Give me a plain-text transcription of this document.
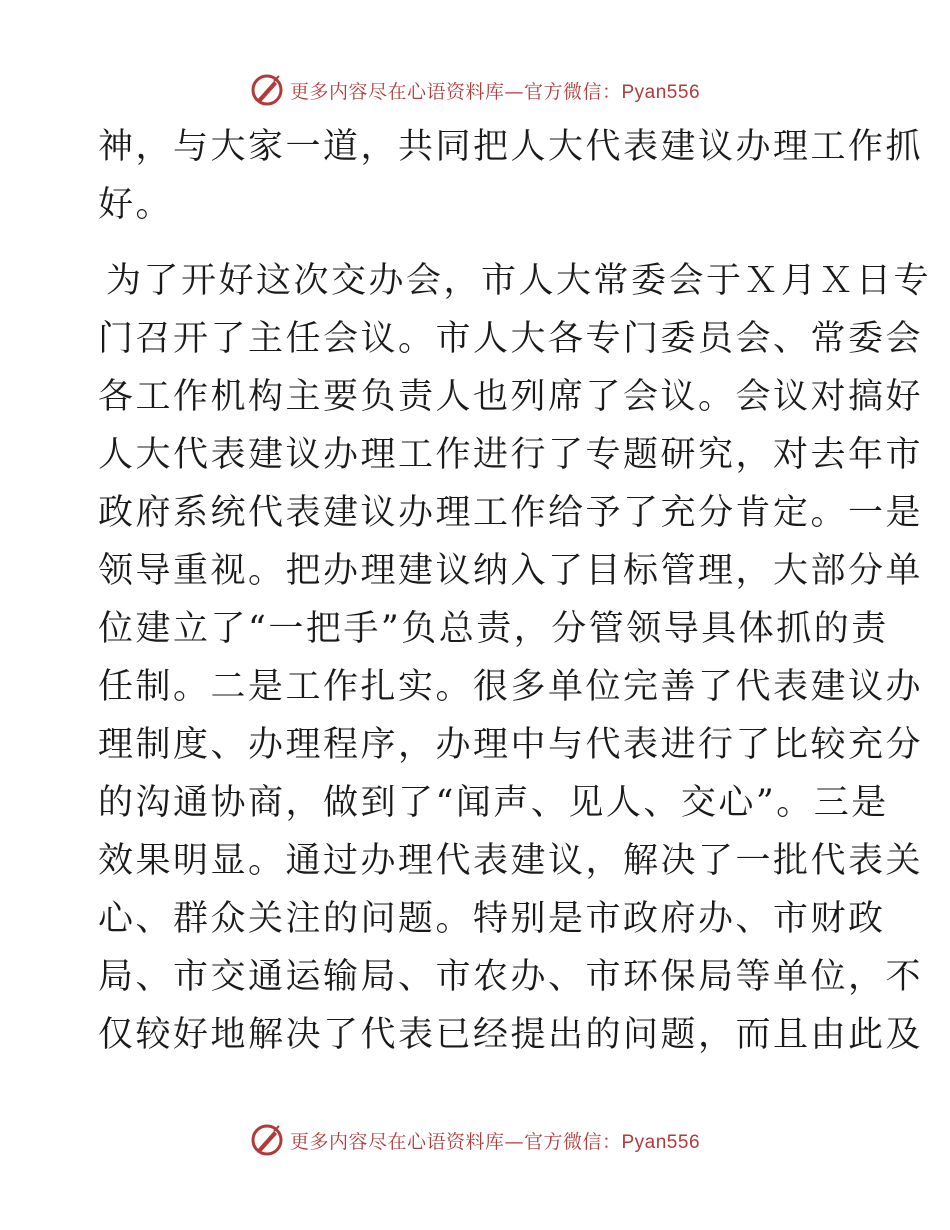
更多内容尽在心语资料库—官方微信：Pyan556
神，与大家一道，共同把人大代表建议办理工作抓
好。
为了开好这次交办会，市人大常委会于Ｘ月Ｘ日专
门召开了主任会议。市人大各专门委员会、常委会
各工作机构主要负责人也列席了会议。会议对搞好
人大代表建议办理工作进行了专题研究，对去年市
政府系统代表建议办理工作给予了充分肯定。一是
领导重视。把办理建议纳入了目标管理，大部分单
位建立了“一把手”负总责，分管领导具体抓的责
任制。二是工作扎实。很多单位完善了代表建议办
理制度、办理程序，办理中与代表进行了比较充分
的沟通协商，做到了“闻声、见人、交心”。三是
效果明显。通过办理代表建议，解决了一批代表关
心、群众关注的问题。特别是市政府办、市财政
局、市交通运输局、市农办、市环保局等单位，不
仅较好地解决了代表已经提出的问题，而且由此及
更多内容尽在心语资料库—官方微信：Pyan556
